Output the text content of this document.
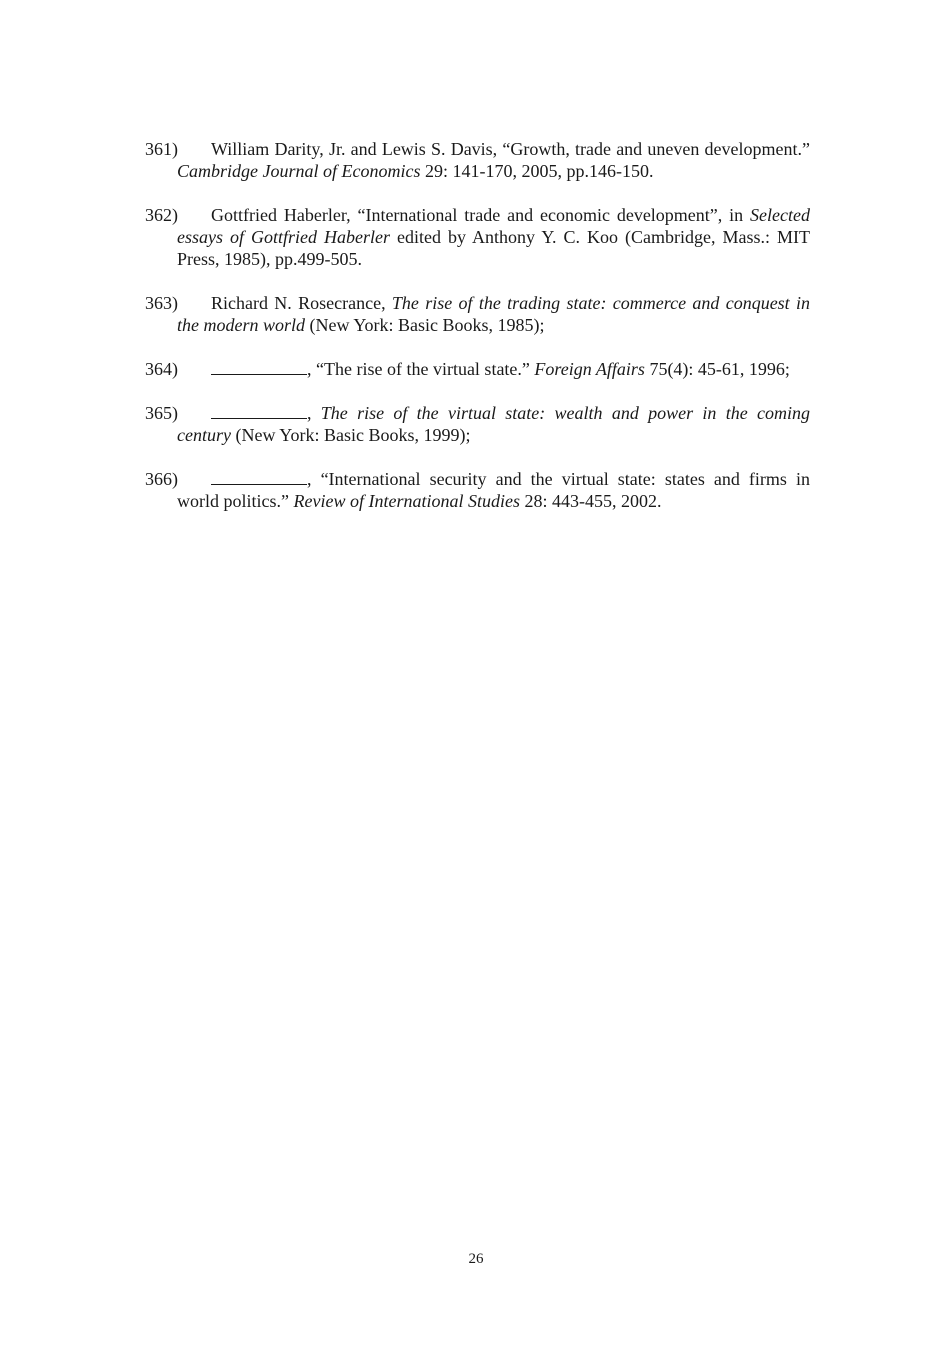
361) William Darity, Jr. and Lewis S. Davis, “Growth, trade and uneven development.” Cambridge Journal of Economics 29: 141-170, 2005, pp.146-150.
362) Gottfried Haberler, “International trade and economic development”, in Selected essays of Gottfried Haberler edited by Anthony Y. C. Koo (Cambridge, Mass.: MIT Press, 1985), pp.499-505.
363) Richard N. Rosecrance, The rise of the trading state: commerce and conquest in the modern world (New York: Basic Books, 1985);
364)	, “The rise of the virtual state.” Foreign Affairs 75(4): 45-61, 1996;
365)	, The rise of the virtual state: wealth and power in the coming century (New York: Basic Books, 1999);
366)	, “International security and the virtual state: states and firms in world politics.” Review of International Studies 28: 443-455, 2002.
26
